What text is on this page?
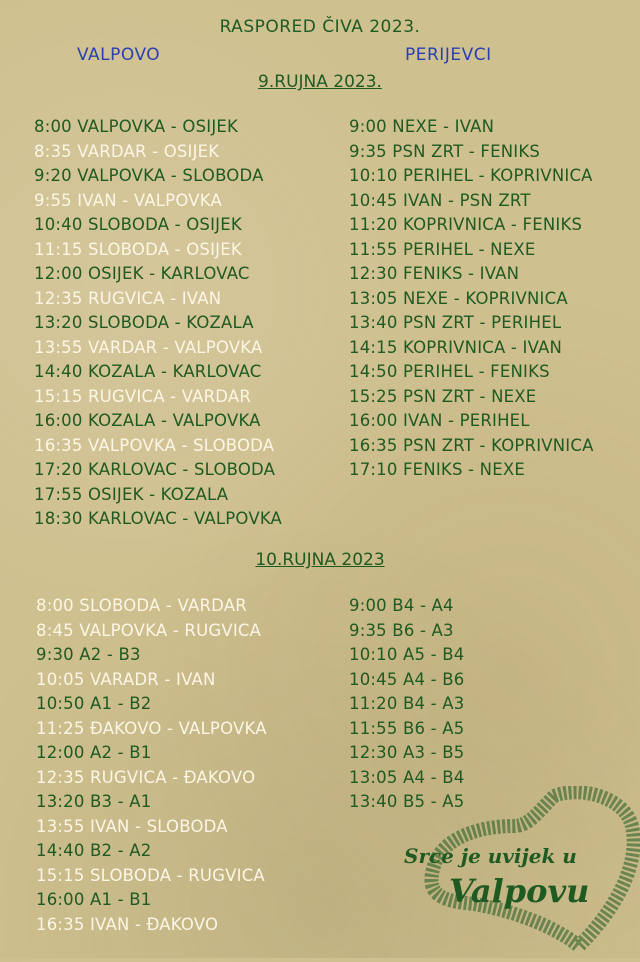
RASPORED ČIVA 2023.
VALPOVO	PERIJEVCI
9.RUJNA 2023.
8:00 VALPOVKA - OSIJEK
8:35 VARDAR - OSIJEK
9:20 VALPOVKA - SLOBODA
9:55 IVAN - VALPOVKA
10:40 SLOBODA - OSIJEK
11:15 SLOBODA - OSIJEK
12:00 OSIJEK - KARLOVAC
12:35 RUGVICA - IVAN
13:20 SLOBODA - KOZALA
13:55 VARDAR - VALPOVKA
14:40 KOZALA - KARLOVAC
15:15 RUGVICA - VARDAR
16:00 KOZALA - VALPOVKA
16:35 VALPOVKA - SLOBODA
17:20 KARLOVAC - SLOBODA
17:55 OSIJEK - KOZALA
18:30 KARLOVAC - VALPOVKA
9:00 NEXE - IVAN
9:35 PSN ZRT - FENIKS
10:10 PERIHEL - KOPRIVNICA
10:45 IVAN - PSN ZRT
11:20 KOPRIVNICA - FENIKS
11:55 PERIHEL - NEXE
12:30 FENIKS - IVAN
13:05 NEXE - KOPRIVNICA
13:40 PSN ZRT - PERIHEL
14:15 KOPRIVNICA - IVAN
14:50 PERIHEL - FENIKS
15:25 PSN ZRT - NEXE
16:00 IVAN - PERIHEL
16:35 PSN ZRT - KOPRIVNICA
17:10 FENIKS - NEXE
10.RUJNA 2023
8:00 SLOBODA - VARDAR
8:45 VALPOVKA - RUGVICA
9:30 A2 - B3
10:05 VARADR - IVAN
10:50 A1 - B2
11:25 ĐAKOVO - VALPOVKA
12:00 A2 - B1
12:35 RUGVICA - ĐAKOVO
13:20 B3 - A1
13:55 IVAN - SLOBODA
14:40 B2 - A2
15:15 SLOBODA - RUGVICA
16:00 A1 - B1
16:35 IVAN - ĐAKOVO
9:00 B4 - A4
9:35 B6 - A3
10:10 A5 - B4
10:45 A4 - B6
11:20 B4 - A3
11:55 B6 - A5
12:30 A3 - B5
13:05 A4 - B4
13:40 B5 - A5
Srce je uvijek u
Valpovu
